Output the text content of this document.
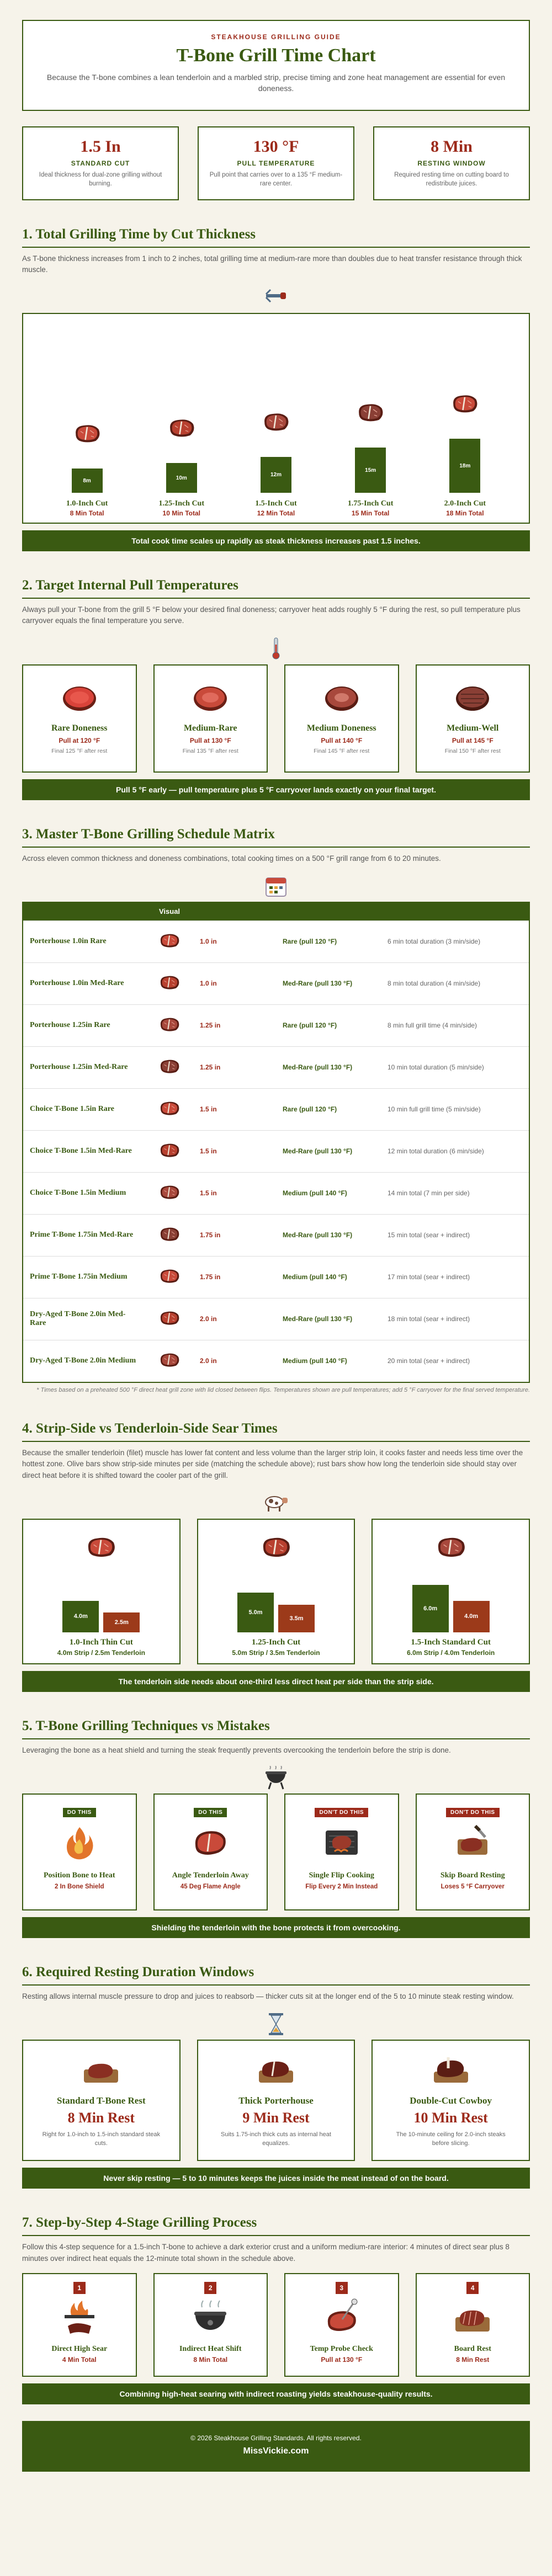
STEAKHOUSE GRILLING GUIDE
T-Bone Grill Time Chart

Because the T-bone combines a lean tenderloin and a marbled strip, precise timing and zone heat management are essential for even doneness.

1.5 In
STANDARD CUT
Ideal thickness for dual-zone grilling without burning.
130 °F
PULL TEMPERATURE
Pull point that carries over to a 135 °F medium-rare center.
8 Min
RESTING WINDOW
Required resting time on cutting board to redistribute juices.
1. Total Grilling Time by Cut Thickness
As T-bone thickness increases from 1 inch to 2 inches, total grilling time at medium-rare more than doubles due to heat transfer resistance through thick muscle.
8m	10m	12m
15m
18m
1.0-Inch Cut
8 Min Total
1.25-Inch Cut
10 Min Total
1.5-Inch Cut
12 Min Total
1.75-Inch Cut
15 Min Total
2.0-Inch Cut
18 Min Total
Total cook time scales up rapidly as steak thickness increases past 1.5 inches.
2. Target Internal Pull Temperatures
Always pull your T-bone from the grill 5 °F below your desired final doneness; carryover heat adds roughly 5 °F during the rest, so pull temperature plus carryover equals the final temperature you serve.
Rare Doneness
Pull at 120 °F
Final 125 °F after rest
Medium-Rare
Pull at 130 °F
Final 135 °F after rest
Medium Doneness
Pull at 140 °F
Final 145 °F after rest
Medium-Well
Pull at 145 °F
Final 150 °F after rest
Pull 5 °F early — pull temperature plus 5 °F carryover lands exactly on your final target.
3. Master T-Bone Grilling Schedule Matrix
Across eleven common thickness and doneness combinations, total cooking times on a 500 °F grill range from 6 to 20 minutes.
Visual
Porterhouse 1.0in Rare	1.0 in	Rare (pull 120 °F)	6 min total duration (3 min/side)
Porterhouse 1.0in Med-Rare	1.0 in	Med-Rare (pull 130 °F)	8 min total duration (4 min/side)
Porterhouse 1.25in Rare	1.25 in	Rare (pull 120 °F)	8 min full grill time (4 min/side)
Porterhouse 1.25in Med-Rare	1.25 in	Med-Rare (pull 130 °F)	10 min total duration (5 min/side)
Choice T-Bone 1.5in Rare	1.5 in	Rare (pull 120 °F)	10 min full grill time (5 min/side)
Choice T-Bone 1.5in Med-Rare	1.5 in	Med-Rare (pull 130 °F)	12 min total duration (6 min/side)
Choice T-Bone 1.5in Medium	1.5 in	Medium (pull 140 °F)	14 min total (7 min per side)
Prime T-Bone 1.75in Med-Rare	1.75 in	Med-Rare (pull 130 °F)	15 min total (sear + indirect)
Prime T-Bone 1.75in Medium	1.75 in	Medium (pull 140 °F)	17 min total (sear + indirect)
Dry-Aged T-Bone 2.0in Med-Rare	2.0 in	Med-Rare (pull 130 °F)	18 min total (sear + indirect)
Dry-Aged T-Bone 2.0in Medium	2.0 in	Medium (pull 140 °F)	20 min total (sear + indirect)
* Times based on a preheated 500 °F direct heat grill zone with lid closed between flips. Temperatures shown are pull temperatures; add 5 °F carryover for the final served temperature.
4. Strip-Side vs Tenderloin-Side Sear Times
Because the smaller tenderloin (filet) muscle has lower fat content and less volume than the larger strip loin, it cooks faster and needs less time over the hottest zone. Olive bars show strip-side minutes per side (matching the schedule above); rust bars show how long the tenderloin side should stay over direct heat before it is shifted toward the cooler part of the grill.
4.0m
2.5m
1.0-Inch Thin Cut
4.0m Strip / 2.5m Tenderloin
5.0m
3.5m
1.25-Inch Cut
5.0m Strip / 3.5m Tenderloin
6.0m
4.0m
1.5-Inch Standard Cut
6.0m Strip / 4.0m Tenderloin
The tenderloin side needs about one-third less direct heat per side than the strip side.
5. T-Bone Grilling Techniques vs Mistakes
Leveraging the bone as a heat shield and turning the steak frequently prevents overcooking the tenderloin before the strip is done.
DO THIS
Position Bone to Heat
2 In Bone Shield
DO THIS
Angle Tenderloin Away
45 Deg Flame Angle
DON'T DO THIS
Single Flip Cooking
Flip Every 2 Min Instead
DON'T DO THIS
Skip Board Resting
Loses 5 °F Carryover
Shielding the tenderloin with the bone protects it from overcooking.
6. Required Resting Duration Windows
Resting allows internal muscle pressure to drop and juices to reabsorb — thicker cuts sit at the longer end of the 5 to 10 minute steak resting window.
Standard T-Bone Rest
8 Min Rest
Right for 1.0-inch to 1.5-inch standard steak cuts.
Thick Porterhouse
9 Min Rest
Suits 1.75-inch thick cuts as internal heat equalizes.
Double-Cut Cowboy
10 Min Rest
The 10-minute ceiling for 2.0-inch steaks before slicing.
Never skip resting — 5 to 10 minutes keeps the juices inside the meat instead of on the board.
7. Step-by-Step 4-Stage Grilling Process
Follow this 4-step sequence for a 1.5-inch T-bone to achieve a dark exterior crust and a uniform medium-rare interior: 4 minutes of direct sear plus 8 minutes over indirect heat equals the 12-minute total shown in the schedule above.
1
Direct High Sear
4 Min Total
2
Indirect Heat Shift
8 Min Total
3
Temp Probe Check
Pull at 130 °F
4
Board Rest
8 Min Rest
Combining high-heat searing with indirect roasting yields steakhouse-quality results.
© 2026 Steakhouse Grilling Standards. All rights reserved.
MissVickie.com
